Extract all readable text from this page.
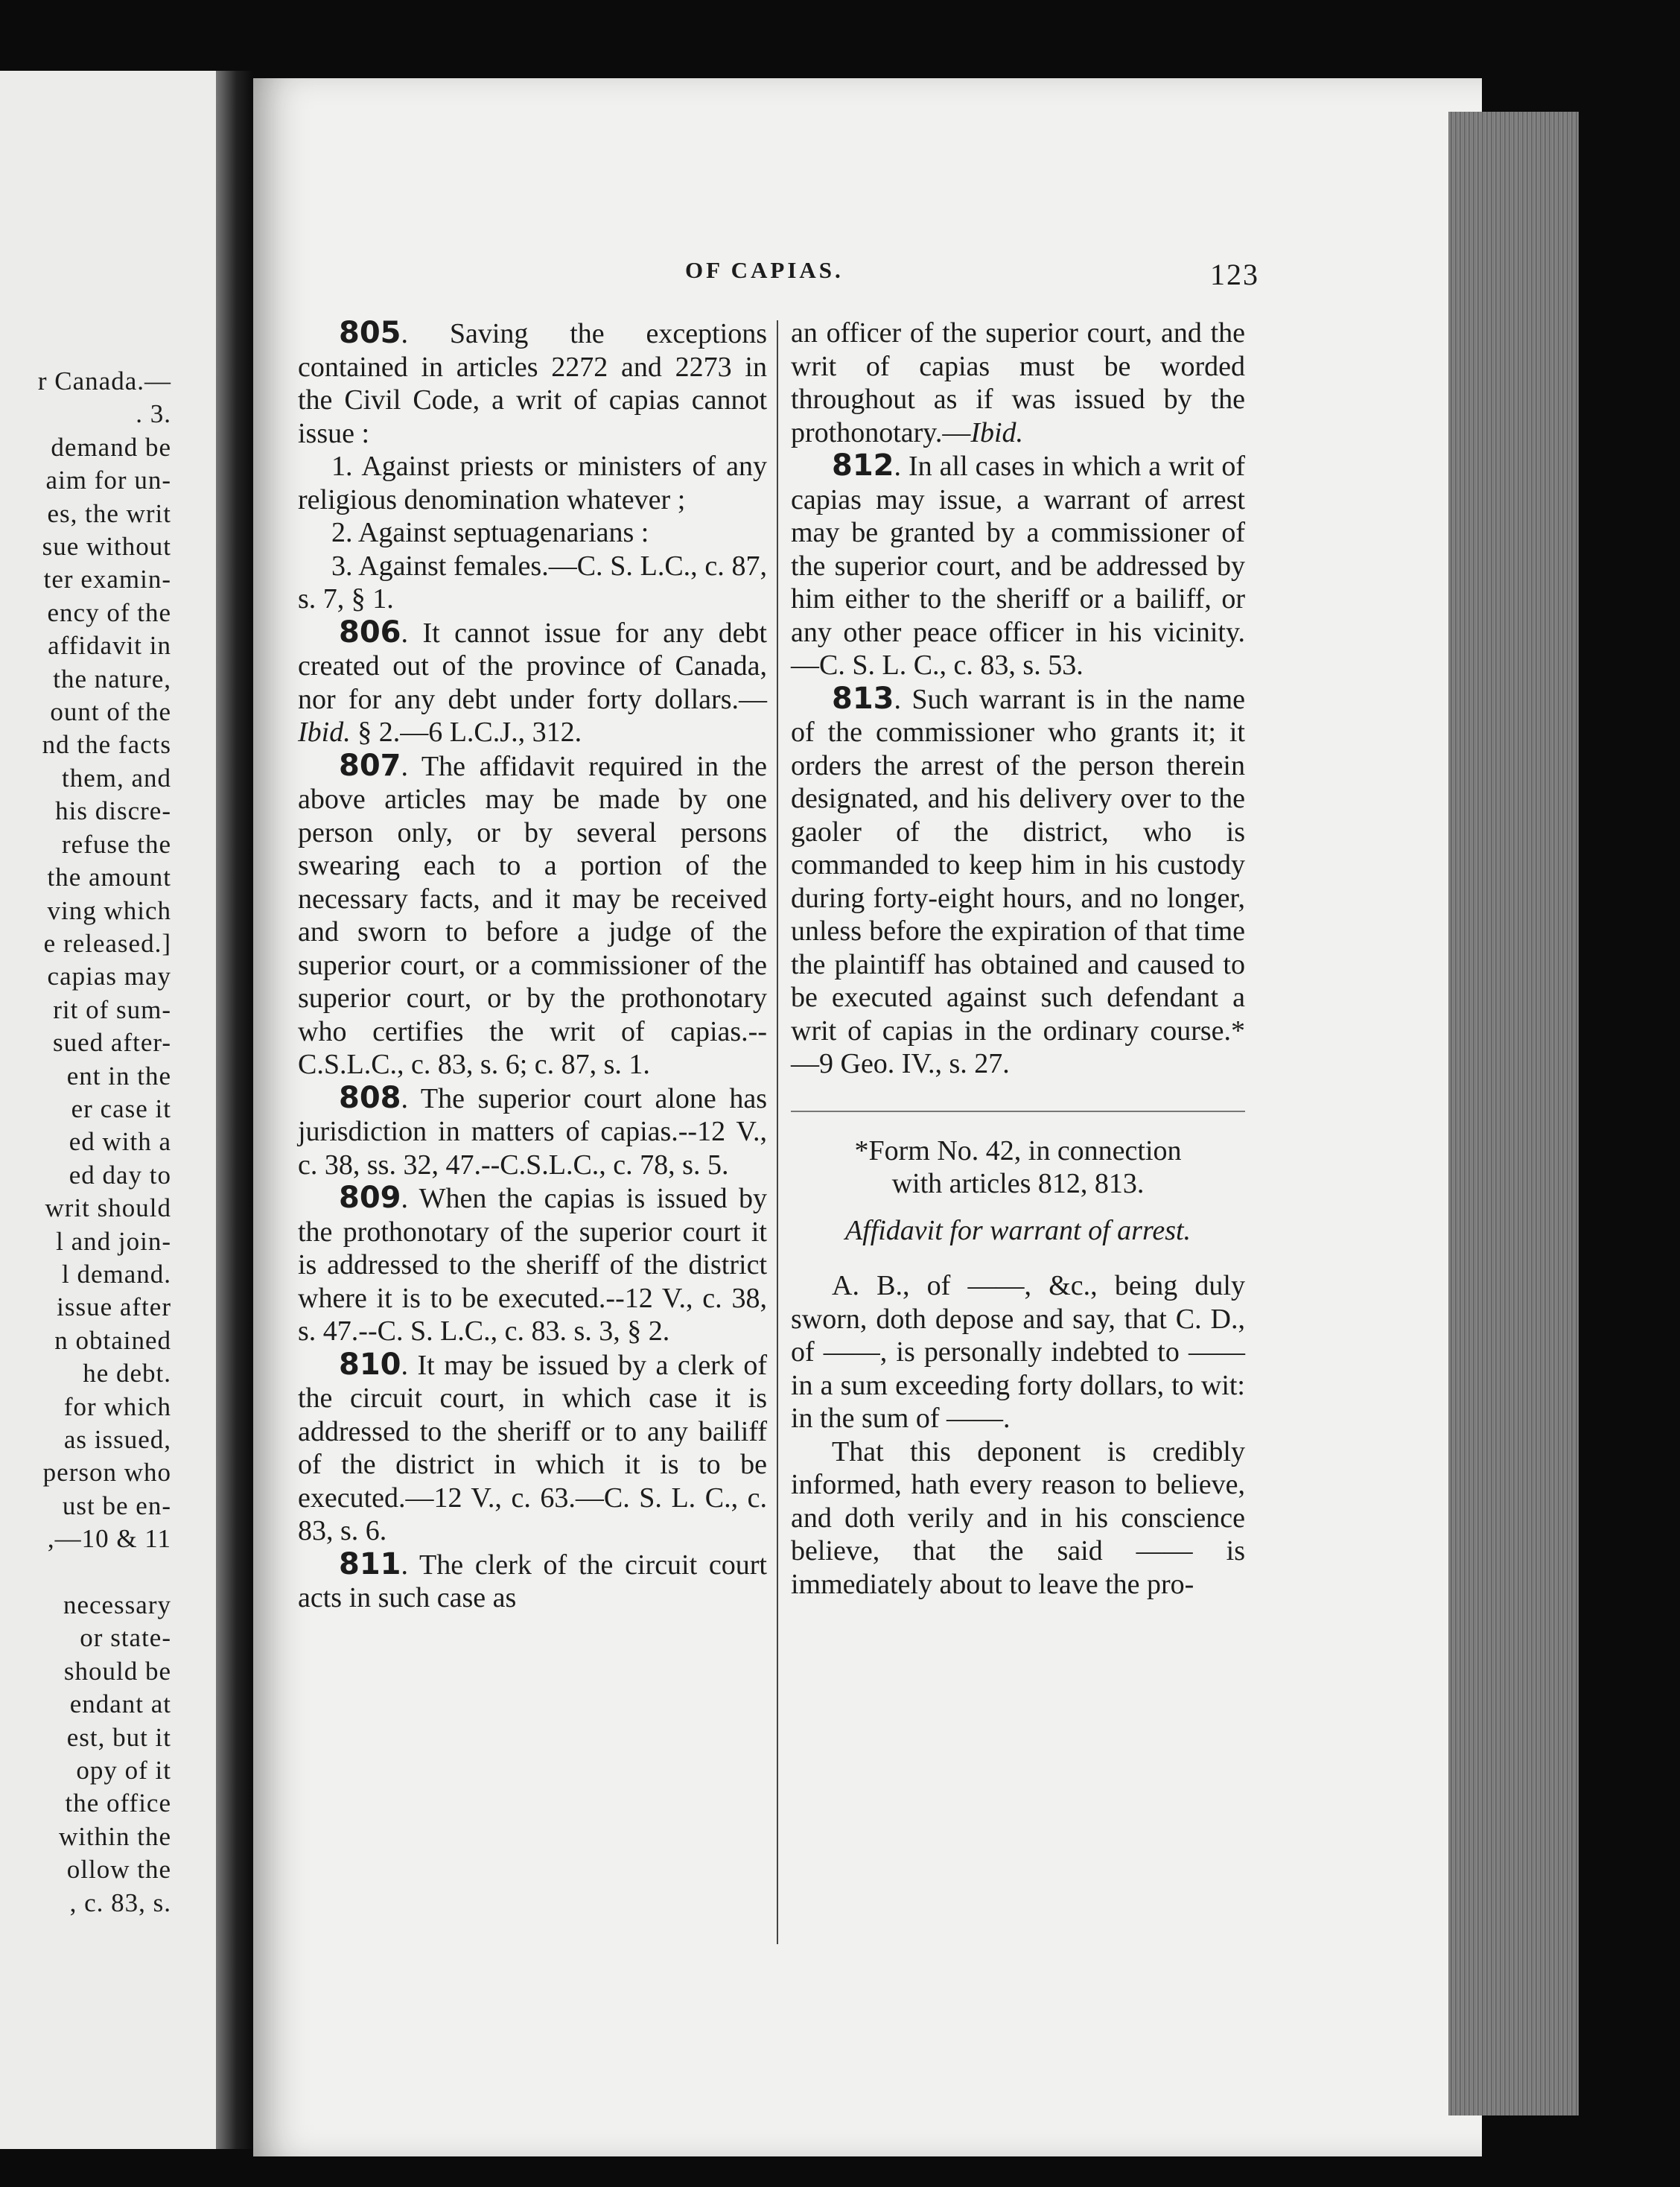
r Canada.—
. 3.
demand be
aim for un-
es, the writ
sue without
ter examin-
ency of the
affidavit in
the nature,
ount of the
nd the facts
them, and
his discre-
refuse the
the amount
ving which
e released.]
capias may
rit of sum-
sued after-
ent in the
er case it
ed with a
ed day to
writ should
l and join-
l demand.
issue after
n obtained
he debt.
for which
as issued,
person who
ust be en-
,—10 & 11
necessary
or state-
should be
endant at
est, but it
opy of it
the office
within the
ollow the
, c. 83, s.
OF CAPIAS.	123

805. Saving the exceptions contained in articles 2272 and 2273 in the Civil Code, a writ of capias cannot issue :

1. Against priests or ministers of any religious denomination whatever ;

2. Against septuagenarians :

3. Against females.—C. S. L.C., c. 87, s. 7, § 1.

806. It cannot issue for any debt created out of the province of Canada, nor for any debt under forty dollars.—Ibid. § 2.—6 L.C.J., 312.

807. The affidavit required in the above articles may be made by one person only, or by several persons swearing each to a portion of the necessary facts, and it may be received and sworn to before a judge of the superior court, or a commissioner of the superior court, or by the prothonotary who certifies the writ of capias.--C.S.L.C., c. 83, s. 6; c. 87, s. 1.

808. The superior court alone has jurisdiction in matters of capias.--12 V., c. 38, ss. 32, 47.--C.S.L.C., c. 78, s. 5.

809. When the capias is issued by the prothonotary of the superior court it is addressed to the sheriff of the district where it is to be executed.--12 V., c. 38, s. 47.--C. S. L.C., c. 83. s. 3, § 2.

810. It may be issued by a clerk of the circuit court, in which case it is addressed to the sheriff or to any bailiff of the district in which it is to be executed.—12 V., c. 63.—C. S. L. C., c. 83, s. 6.

811. The clerk of the circuit court acts in such case as

an officer of the superior court, and the writ of capias must be worded throughout as if was issued by the prothonotary.—Ibid.

812. In all cases in which a writ of capias may issue, a warrant of arrest may be granted by a commissioner of the superior court, and be addressed by him either to the sheriff or a bailiff, or any other peace officer in his vicinity.—C. S. L. C., c. 83, s. 53.

813. Such warrant is in the name of the commissioner who grants it; it orders the arrest of the person therein designated, and his delivery over to the gaoler of the district, who is commanded to keep him in his custody during forty-eight hours, and no longer, unless before the expiration of that time the plaintiff has obtained and caused to be executed against such defendant a writ of capias in the ordinary course.*—9 Geo. IV., s. 27.

*Form No. 42, in connection

with articles 812, 813.

Affidavit for warrant of arrest.

A. B., of ——, &c., being duly sworn, doth depose and say, that C. D., of ——, is personally indebted to —— in a sum exceeding forty dollars, to wit: in the sum of ——.

That this deponent is credibly informed, hath every reason to believe, and doth verily and in his conscience believe, that the said —— is immediately about to leave the pro-
